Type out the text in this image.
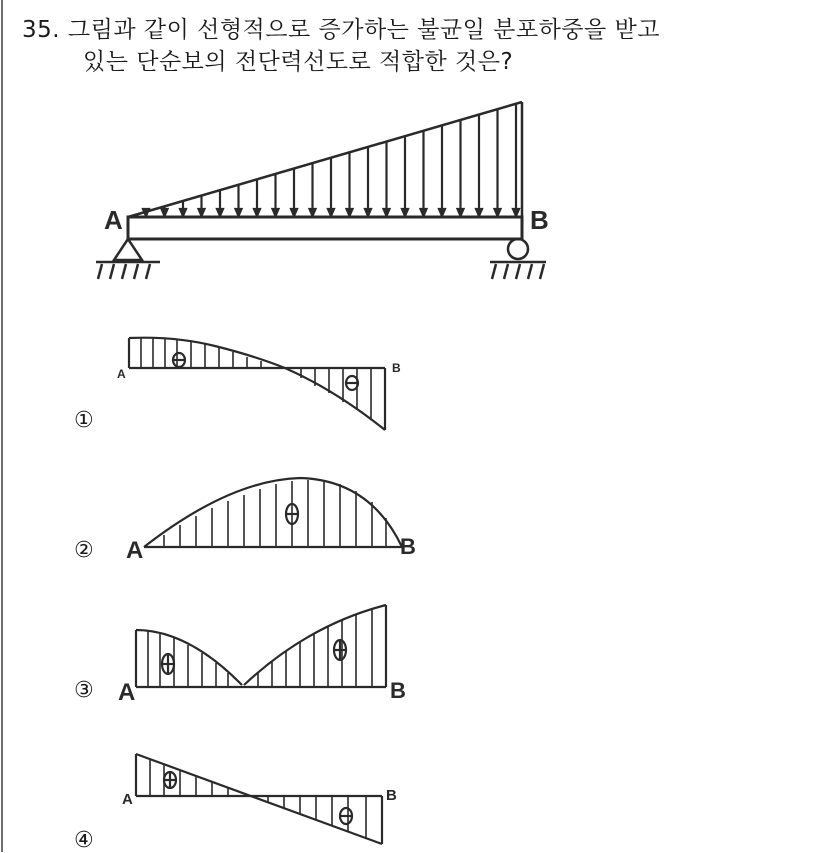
35. 그림과 같이 선형적으로 증가하는 불균일 분포하중을 받고
있는 단순보의 전단력선도로 적합한 것은?
A	B
①
A	B
② A	B
③ A	B
④
A	B
